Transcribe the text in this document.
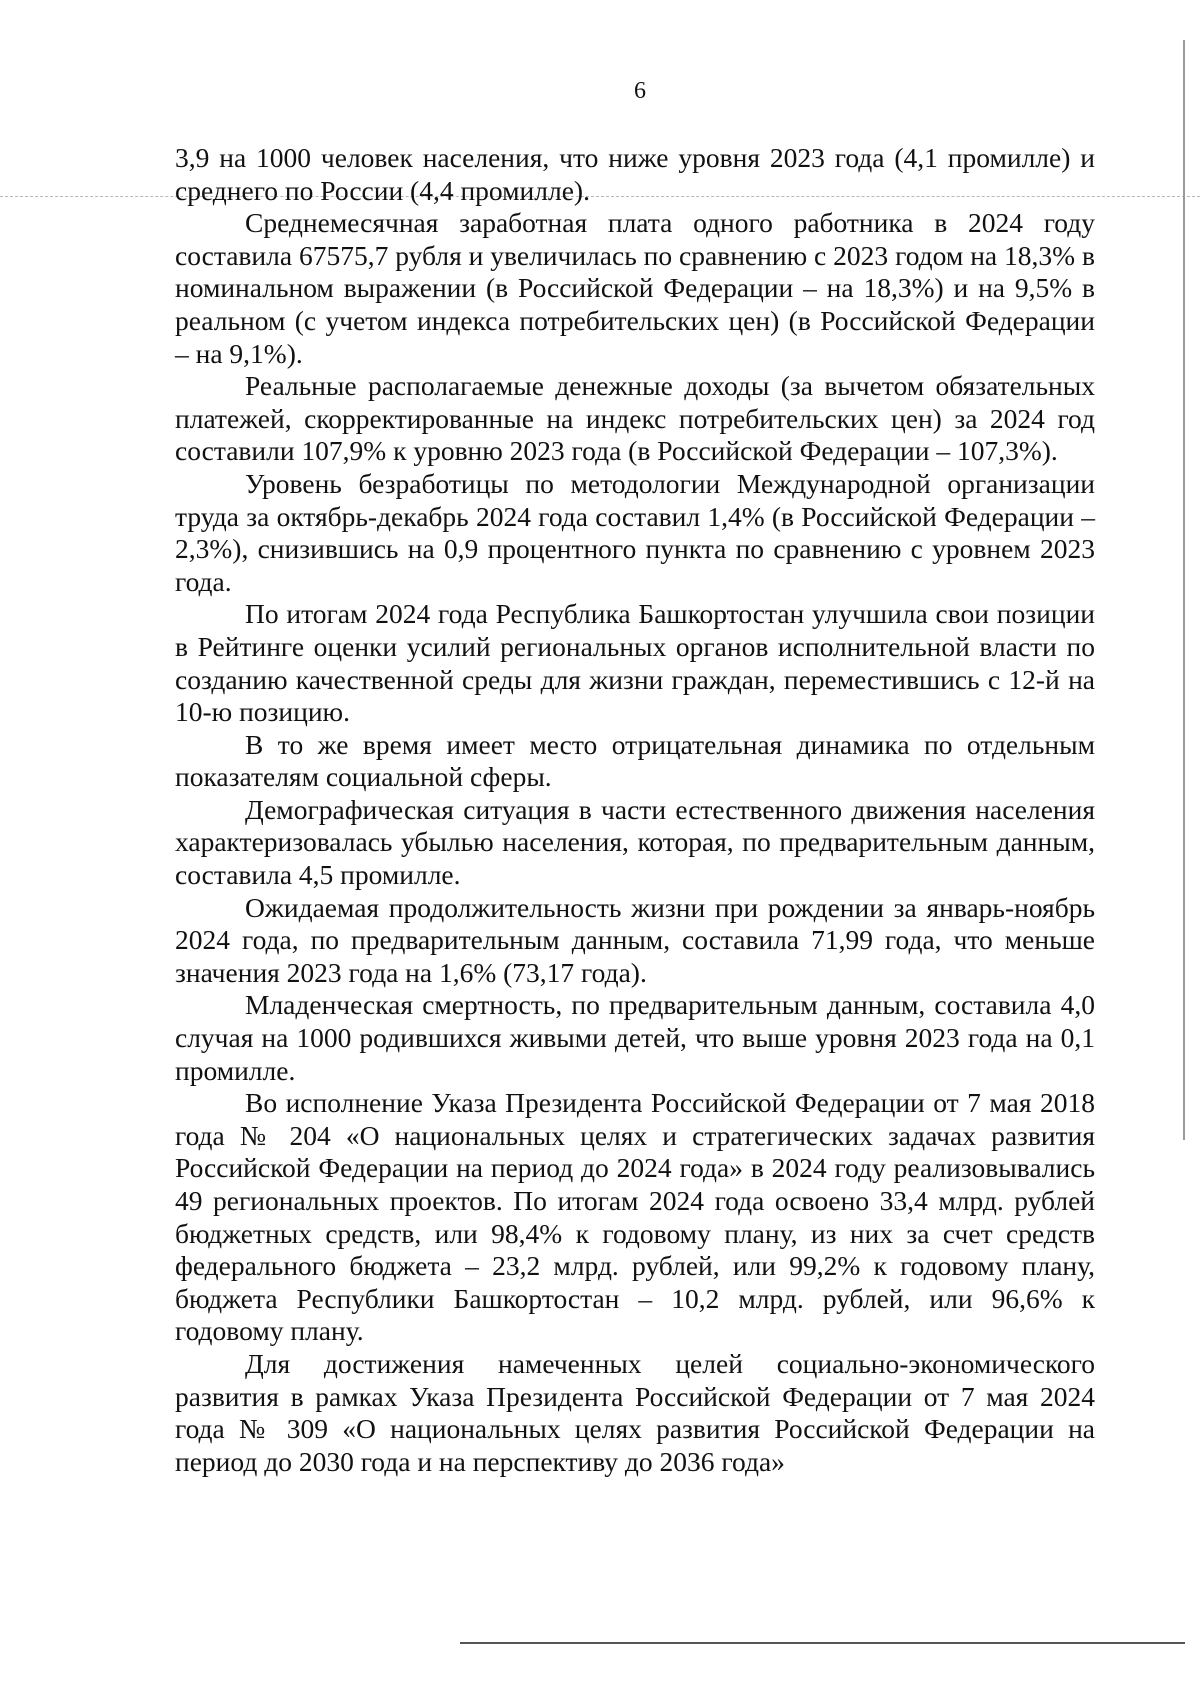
6

3,9 на 1000 человек населения, что ниже уровня 2023 года (4,1 промилле) и среднего по России (4,4 промилле).

Среднемесячная заработная плата одного работника в 2024 году составила 67575,7 рубля и увеличилась по сравнению с 2023 годом на 18,3% в номинальном выражении (в Российской Федерации – на 18,3%) и на 9,5% в реальном (с учетом индекса потребительских цен) (в Российской Федерации – на 9,1%).

Реальные располагаемые денежные доходы (за вычетом обязательных платежей, скорректированные на индекс потребительских цен) за 2024 год составили 107,9% к уровню 2023 года (в Российской Федерации – 107,3%).

Уровень безработицы по методологии Международной организации труда за октябрь-декабрь 2024 года составил 1,4% (в Российской Федерации – 2,3%), снизившись на 0,9 процентного пункта по сравнению с уровнем 2023 года.

По итогам 2024 года Республика Башкортостан улучшила свои позиции в Рейтинге оценки усилий региональных органов исполнительной власти по созданию качественной среды для жизни граждан, переместившись с 12-й на 10-ю позицию.

В то же время имеет место отрицательная динамика по отдельным показателям социальной сферы.

Демографическая ситуация в части естественного движения населения характеризовалась убылью населения, которая, по предварительным данным, составила 4,5 промилле.

Ожидаемая продолжительность жизни при рождении за январь-ноябрь 2024 года, по предварительным данным, составила 71,99 года, что меньше значения 2023 года на 1,6% (73,17 года).

Младенческая смертность, по предварительным данным, составила 4,0 случая на 1000 родившихся живыми детей, что выше уровня 2023 года на 0,1 промилле.

Во исполнение Указа Президента Российской Федерации от 7 мая 2018 года № 204 «О национальных целях и стратегических задачах развития Российской Федерации на период до 2024 года» в 2024 году реализовывались 49 региональных проектов. По итогам 2024 года освоено 33,4 млрд. рублей бюджетных средств, или 98,4% к годовому плану, из них за счет средств федерального бюджета – 23,2 млрд. рублей, или 99,2% к годовому плану, бюджета Республики Башкортостан – 10,2 млрд. рублей, или 96,6% к годовому плану.

Для достижения намеченных целей социально-экономического развития в рамках Указа Президента Российской Федерации от 7 мая 2024 года № 309 «О национальных целях развития Российской Федерации на период до 2030 года и на перспективу до 2036 года»
